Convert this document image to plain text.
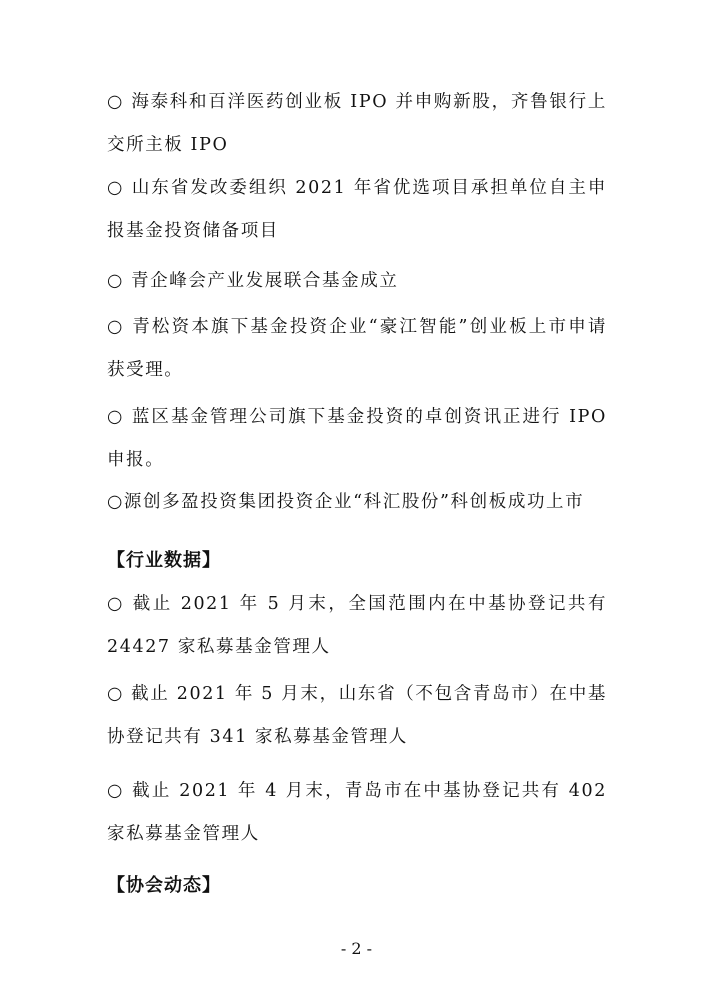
○ 海泰科和百洋医药创业板 IPO 并申购新股，齐鲁银行上交所主板 IPO
○ 山东省发改委组织 2021 年省优选项目承担单位自主申报基金投资储备项目
○ 青企峰会产业发展联合基金成立
○ 青松资本旗下基金投资企业“豪江智能”创业板上市申请获受理。
○ 蓝区基金管理公司旗下基金投资的卓创资讯正进行 IPO 申报。
○源创多盈投资集团投资企业“科汇股份”科创板成功上市
【行业数据】
○ 截止 2021 年 5 月末，全国范围内在中基协登记共有 24427 家私募基金管理人
○ 截止 2021 年 5 月末，山东省（不包含青岛市）在中基协登记共有 341 家私募基金管理人
○ 截止 2021 年 4 月末，青岛市在中基协登记共有 402 家私募基金管理人
【协会动态】
- 2 -
